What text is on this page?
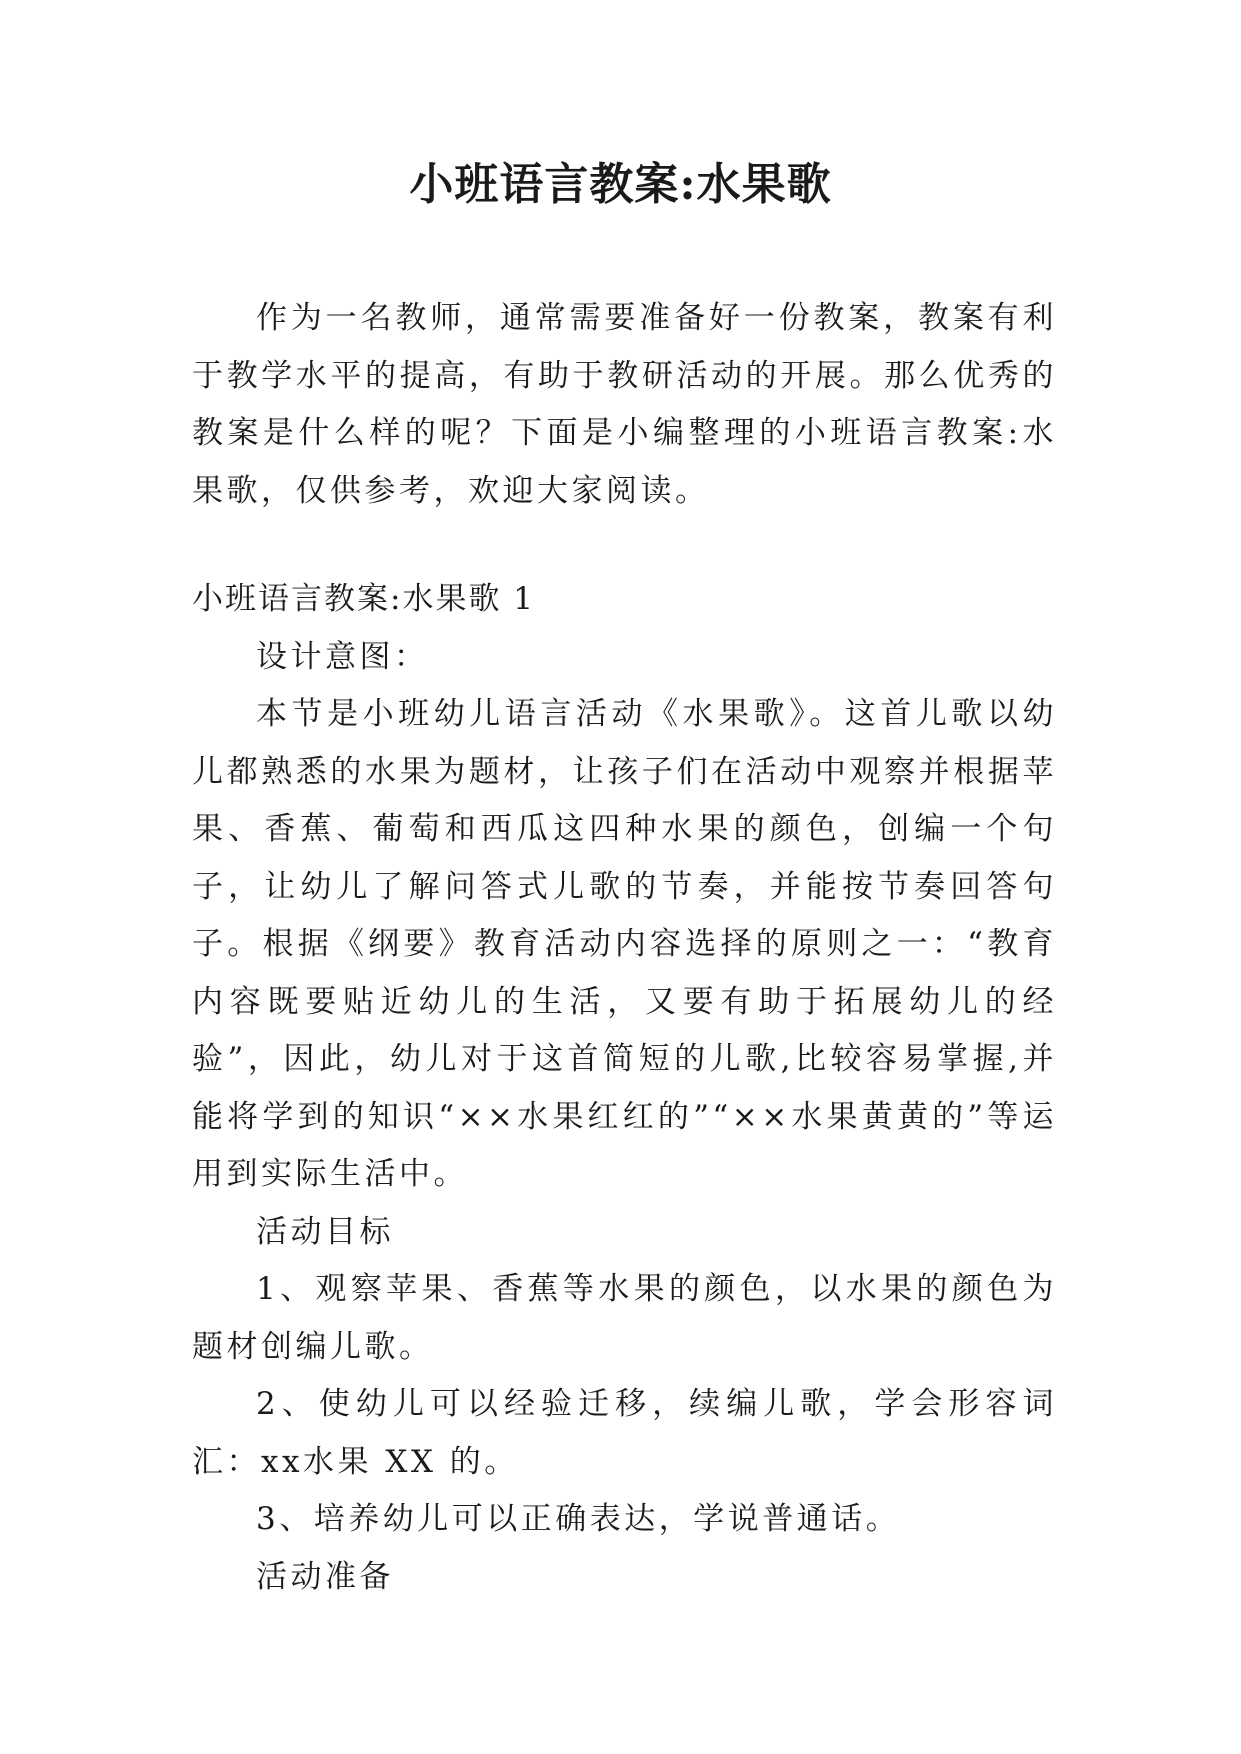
小班语言教案:水果歌

作为一名教师，通常需要准备好一份教案，教案有利于教学水平的提高，有助于教研活动的开展。那么优秀的教案是什么样的呢？下面是小编整理的小班语言教案:水果歌，仅供参考，欢迎大家阅读。

小班语言教案:水果歌 1

设计意图：

本节是小班幼儿语言活动《水果歌》。这首儿歌以幼儿都熟悉的水果为题材，让孩子们在活动中观察并根据苹果、香蕉、葡萄和西瓜这四种水果的颜色，创编一个句子，让幼儿了解问答式儿歌的节奏，并能按节奏回答句子。根据《纲要》教育活动内容选择的原则之一：“教育内容既要贴近幼儿的生活，又要有助于拓展幼儿的经验”，因此，幼儿对于这首简短的儿歌,比较容易掌握,并能将学到的知识“××水果红红的”“××水果黄黄的”等运用到实际生活中。

活动目标

1、观察苹果、香蕉等水果的颜色，以水果的颜色为题材创编儿歌。

2、使幼儿可以经验迁移，续编儿歌，学会形容词汇：xx水果 XX 的。

3、培养幼儿可以正确表达，学说普通话。

活动准备
